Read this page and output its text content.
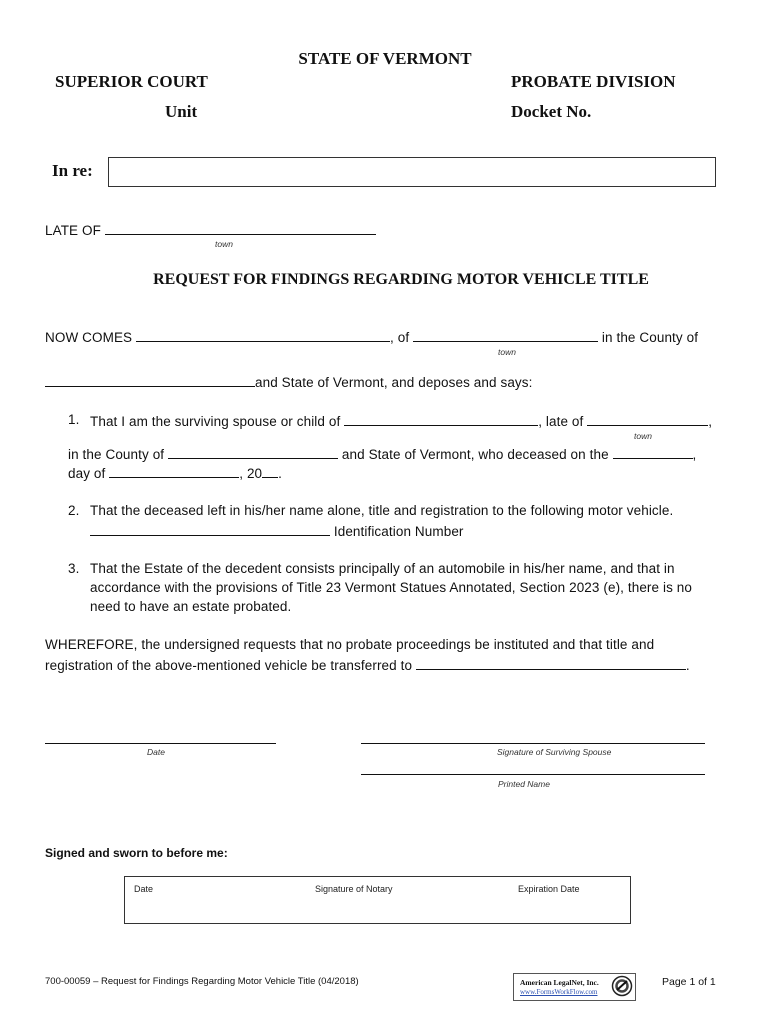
STATE OF VERMONT
SUPERIOR COURT	PROBATE DIVISION
Unit	Docket No.
In re:
LATE OF
town
REQUEST FOR FINDINGS REGARDING MOTOR VEHICLE TITLE
NOW COMES	, of	in the County of
town
and State of Vermont, and deposes and says:
1. That I am the surviving spouse or child of	, late of	,
town
in the County of	and State of Vermont, who deceased on the	,
day of	, 20 .
2. That the deceased left in his/her name alone, title and registration to the following motor vehicle.
Identification Number
3. That the Estate of the decedent consists principally of an automobile in his/her name, and that in
accordance with the provisions of Title 23 Vermont Statues Annotated, Section 2023 (e), there is no
need to have an estate probated.
WHEREFORE, the undersigned requests that no probate proceedings be instituted and that title and
registration of the above-mentioned vehicle be transferred to	.
Date	Signature of Surviving Spouse
Printed Name
Signed and sworn to before me:
Date	Signature of Notary	Expiration Date
700-00059 – Request for Findings Regarding Motor Vehicle Title (04/2018)	American LegalNet, Inc.
www.FormsWorkFlow.com
Page 1 of 1
